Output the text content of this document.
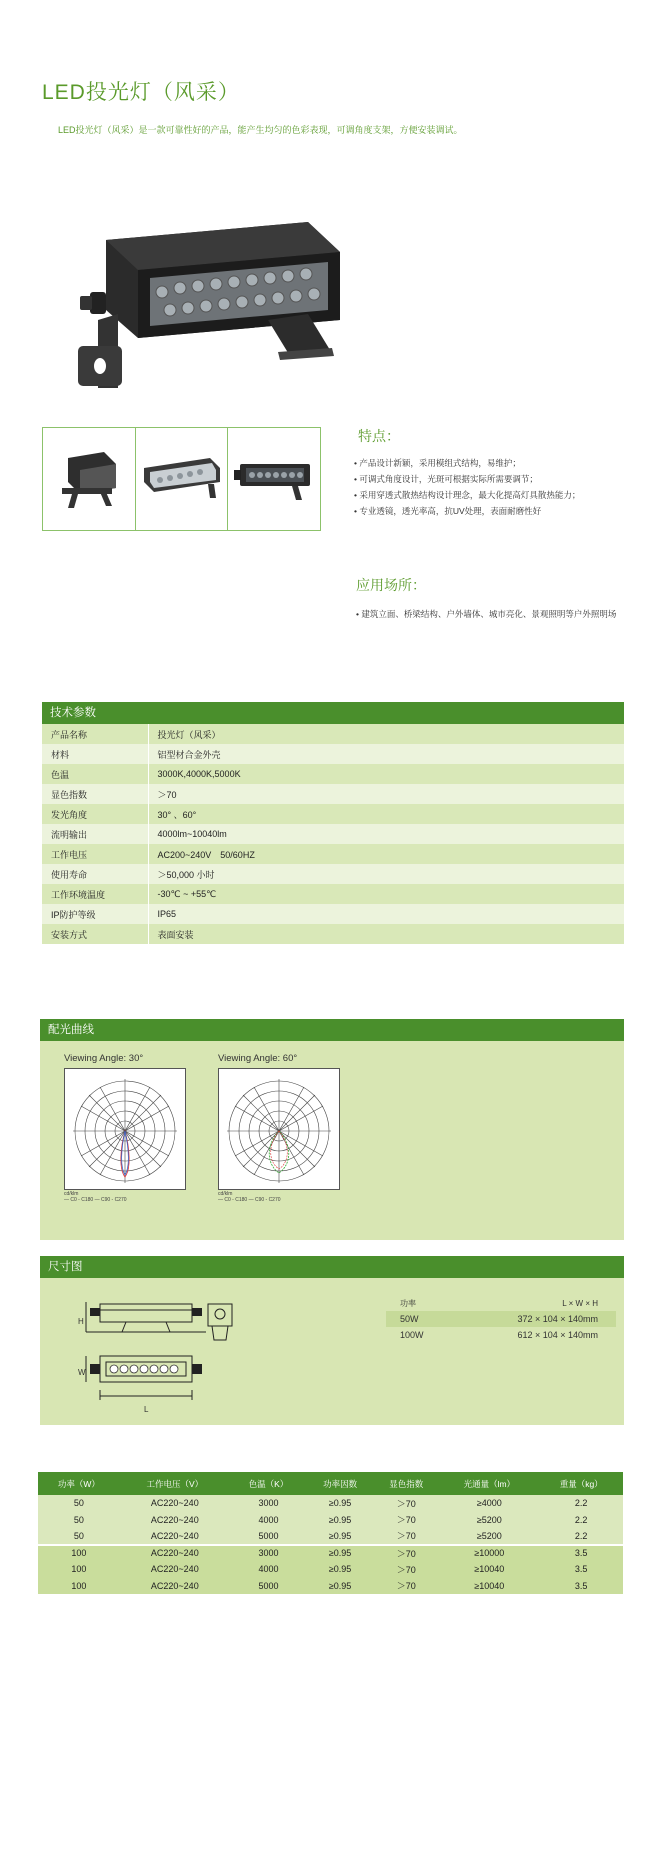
LED投光灯（风采）
LED投光灯（风采）是一款可靠性好的产品，能产生均匀的色彩表现，可调角度支架，方便安装调试。
特点：
• 产品设计新颖，采用模组式结构，易维护；
• 可调式角度设计，光斑可根据实际所需要调节；
• 采用穿透式散热结构设计理念，最大化提高灯具散热能力；
• 专业透镜，透光率高，抗UV处理，表面耐磨性好
应用场所：
• 建筑立面、桥梁结构、户外墙体、城市亮化、景观照明等户外照明场
技术参数
产品名称	投光灯（风采）
材料	铝型材合金外壳
色温	3000K,4000K,5000K
显色指数	＞70
发光角度	30° 、60°
流明输出	4000lm~10040lm
工作电压	AC200~240V　50/60HZ
使用寿命	＞50,000 小时
工作环境温度	-30℃ ~ +55℃
IP防护等级	IP65
安装方式	表面安装
配光曲线
Viewing Angle: 30°
cd/klm
— C0 - C180 — C90 - C270
Viewing Angle: 60°
cd/klm
— C0 - C180 — C90 - C270
尺寸图
H
W
L
功率	L × W × H
50W	372 × 104 × 140mm
100W	612 × 104 × 140mm
功率（W）	工作电压（V）	色温（K）	功率因数	显色指数	光通量（lm）	重量（kg）
50	AC220~240	3000	≥0.95	＞70	≥4000	2.2
50	AC220~240	4000	≥0.95	＞70	≥5200	2.2
50	AC220~240	5000	≥0.95	＞70	≥5200	2.2
100	AC220~240	3000	≥0.95	＞70	≥10000	3.5
100	AC220~240	4000	≥0.95	＞70	≥10040	3.5
100	AC220~240	5000	≥0.95	＞70	≥10040	3.5
